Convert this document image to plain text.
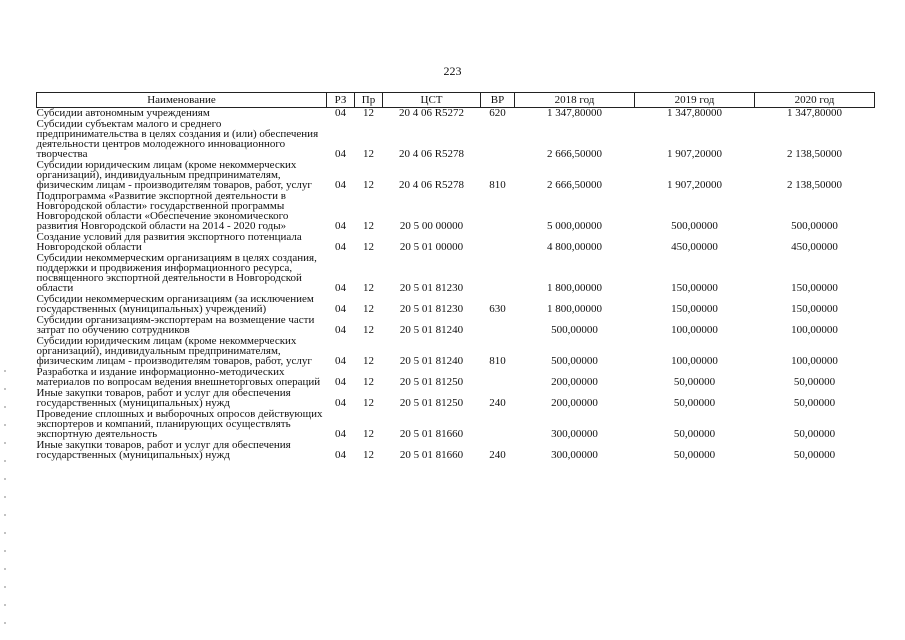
223
Наименование	РЗ	Пр	ЦСТ	ВР	2018 год	2019 год	2020 год
Субсидии автономным учреждениям	04	12	20 4 06 R5272	620	1 347,80000	1 347,80000	1 347,80000
Субсидии субъектам малого и среднего предпринимательства в целях создания и (или) обеспечения деятельности центров молодежного инновационного творчества	04	12	20 4 06 R5278		2 666,50000	1 907,20000	2 138,50000
Субсидии юридическим лицам (кроме некоммерческих организаций), индивидуальным предпринимателям, физическим лицам - производителям товаров, работ, услуг	04	12	20 4 06 R5278	810	2 666,50000	1 907,20000	2 138,50000
Подпрограмма «Развитие экспортной деятельности в Новгородской области» государственной программы Новгородской области «Обеспечение экономического развития Новгородской области на 2014 - 2020 годы»	04	12	20 5 00 00000		5 000,00000	500,00000	500,00000
Создание условий для развития экспортного потенциала Новгородской области	04	12	20 5 01 00000		4 800,00000	450,00000	450,00000
Субсидии некоммерческим организациям в целях создания, поддержки и продвижения информационного ресурса, посвященного экспортной деятельности в Новгородской области	04	12	20 5 01 81230		1 800,00000	150,00000	150,00000
Субсидии некоммерческим организациям (за исключением государственных (муниципальных) учреждений)	04	12	20 5 01 81230	630	1 800,00000	150,00000	150,00000
Субсидии организациям-экспортерам на возмещение части затрат по обучению сотрудников	04	12	20 5 01 81240		500,00000	100,00000	100,00000
Субсидии юридическим лицам (кроме некоммерческих организаций), индивидуальным предпринимателям, физическим лицам - производителям товаров, работ, услуг	04	12	20 5 01 81240	810	500,00000	100,00000	100,00000
Разработка и издание информационно-методических материалов по вопросам ведения внешнеторговых операций	04	12	20 5 01 81250		200,00000	50,00000	50,00000
Иные закупки товаров, работ и услуг для обеспечения государственных (муниципальных) нужд	04	12	20 5 01 81250	240	200,00000	50,00000	50,00000
Проведение сплошных и выборочных опросов действующих экспортеров и компаний, планирующих осуществлять экспортную деятельность	04	12	20 5 01 81660		300,00000	50,00000	50,00000
Иные закупки товаров, работ и услуг для обеспечения государственных (муниципальных) нужд	04	12	20 5 01 81660	240	300,00000	50,00000	50,00000
